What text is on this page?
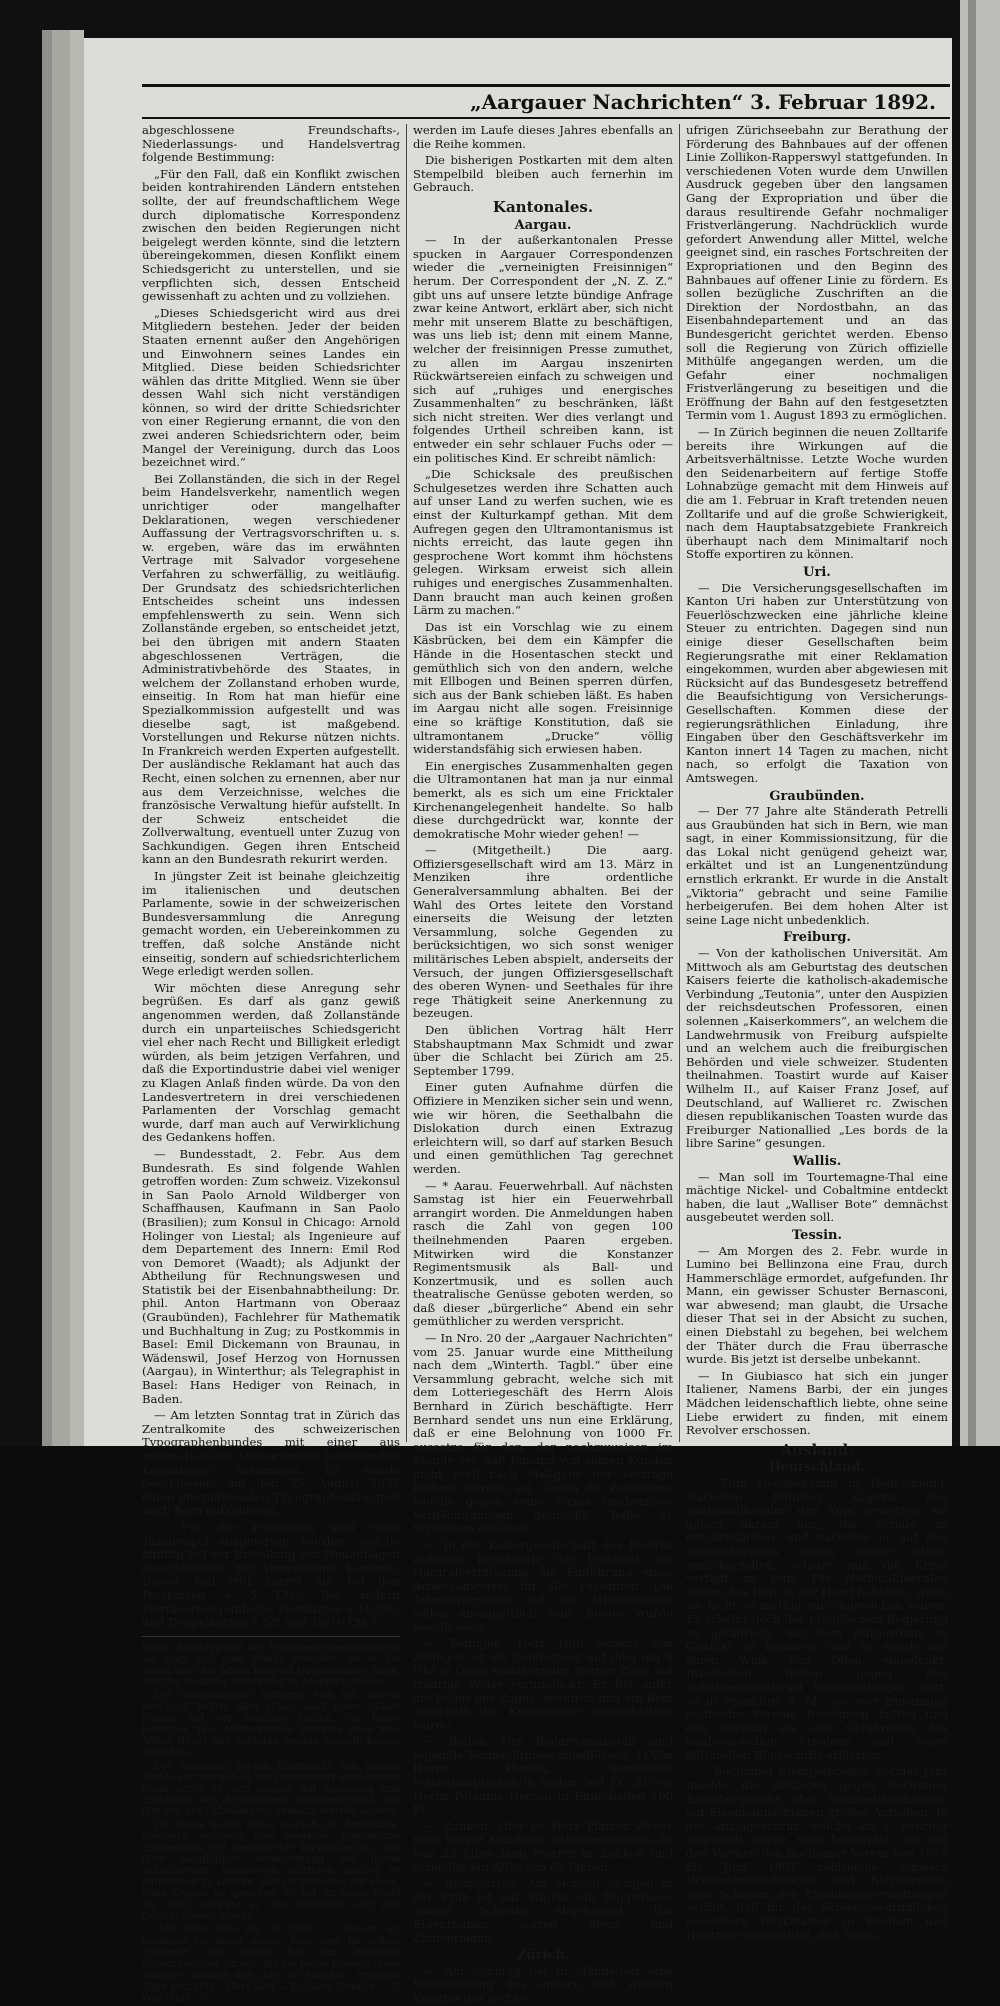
„Aargauer Nachrichten“ 3. Februar 1892.

abgeschlossene Freundschafts-, Niederlassungs- und Handelsvertrag folgende Bestimmung:

„Für den Fall, daß ein Konflikt zwischen beiden kontrahirenden Ländern entstehen sollte, der auf freundschaftlichem Wege durch diplomatische Korrespondenz zwischen den beiden Regierungen nicht beigelegt werden könnte, sind die letztern übereingekommen, diesen Konflikt einem Schiedsgericht zu unterstellen, und sie verpflichten sich, dessen Entscheid gewissenhaft zu achten und zu vollziehen.

„Dieses Schiedsgericht wird aus drei Mitgliedern bestehen. Jeder der beiden Staaten ernennt außer den Angehörigen und Einwohnern seines Landes ein Mitglied. Diese beiden Schiedsrichter wählen das dritte Mitglied. Wenn sie über dessen Wahl sich nicht verständigen können, so wird der dritte Schiedsrichter von einer Regierung ernannt, die von den zwei anderen Schiedsrichtern oder, beim Mangel der Vereinigung, durch das Loos bezeichnet wird.“

Bei Zollanständen, die sich in der Regel beim Handelsverkehr, namentlich wegen unrichtiger oder mangelhafter Deklarationen, wegen verschiedener Auffassung der Vertragsvorschriften u. s. w. ergeben, wäre das im erwähnten Vertrage mit Salvador vorgesehene Verfahren zu schwerfällig, zu weitläufig. Der Grundsatz des schiedsrichterlichen Entscheides scheint uns indessen empfehlenswerth zu sein. Wenn sich Zollanstände ergeben, so entscheidet jetzt, bei den übrigen mit andern Staaten abgeschlossenen Verträgen, die Administrativbehörde des Staates, in welchem der Zollanstand erhoben wurde, einseitig. In Rom hat man hiefür eine Spezialkommission aufgestellt und was dieselbe sagt, ist maßgebend. Vorstellungen und Rekurse nützen nichts. In Frankreich werden Experten aufgestellt. Der ausländische Reklamant hat auch das Recht, einen solchen zu ernennen, aber nur aus dem Verzeichnisse, welches die französische Verwaltung hiefür aufstellt. In der Schweiz entscheidet die Zollverwaltung, eventuell unter Zuzug von Sachkundigen. Gegen ihren Entscheid kann an den Bundesrath rekurirt werden.

In jüngster Zeit ist beinahe gleichzeitig im italienischen und deutschen Parlamente, sowie in der schweizerischen Bundesversammlung die Anregung gemacht worden, ein Uebereinkommen zu treffen, daß solche Anstände nicht einseitig, sondern auf schiedsrichterlichem Wege erledigt werden sollen.

Wir möchten diese Anregung sehr begrüßen. Es darf als ganz gewiß angenommen werden, daß Zollanstände durch ein unparteiisches Schiedsgericht viel eher nach Recht und Billigkeit erledigt würden, als beim jetzigen Verfahren, und daß die Exportindustrie dabei viel weniger zu Klagen Anlaß finden würde. Da von den Landesvertretern in drei verschiedenen Parlamenten der Vorschlag gemacht wurde, darf man auch auf Verwirklichung des Gedankens hoffen.

— Bundesstadt, 2. Febr. Aus dem Bundesrath. Es sind folgende Wahlen getroffen worden: Zum schweiz. Vizekonsul in San Paolo Arnold Wildberger von Schaffhausen, Kaufmann in San Paolo (Brasilien); zum Konsul in Chicago: Arnold Holinger von Liestal; als Ingenieure auf dem Departement des Innern: Emil Rod von Demoret (Waadt); als Adjunkt der Abtheilung für Rechnungswesen und Statistik bei der Eisenbahnabtheilung: Dr. phil. Anton Hartmann von Oberaaz (Graubünden), Fachlehrer für Mathematik und Buchhaltung in Zug; zu Postkommis in Basel: Emil Dickemann von Braunau, in Wädenswil, Josef Herzog von Hornussen (Aargau), in Winterthur; als Telegraphist in Basel: Hans Hediger von Reinach, in Baden.

— Am letzten Sonntag trat in Zürich das Zentralkomite des schweizerischen Typographenbundes mit einer aus internationalen Abgeordneten bestehenden Kommission zusammen. Es wurde beschlossen, auf den 25. August 1892 einen internationalen Typographenkongreß nach Bern aufzubieten.

— Für die Postkarten sind neue Taxstempel ausgefertigt worden, welche künftig bei der Erstellung von Neuauflagen ausschließlich zur Verwendung kommen. Dieser Fall tritt zuerst ein bei den Postkarten à 5 Cts.; die andern Werthsorten (einfache Postkarten à 10 Cts. und Doppelkarten à 5/5 und 10/10 Cts.)

lange. Ramberg ließ der Einladbegehrenden lagen, sie möge sich eine Stunde gedulden, bis er die Akten über die Affäre Leopold Hügel erledigt habe, was ihn vorläufig vollständig in Anspruch nähme.

Der Gerichtsdiener entfernte sich mit diesem Bescheid, kehrte aber schon nach einer halben Minute mit der Meldung zurück, die Dame behaupte, ihre Mittheilungen beträfen eben jene Affäre Hügel und duldeten gerade deshalb keinen Aufschub.

Der Amtmann sprang überrascht von seinem Stuhle auf und befahl, die Dame sofort einzulassen. Dann setzte er sich wieder, mit Spannung und Erstaunen den Eröffnungen entgegensehend, die ihm von der Unbekannten gemacht werden sollten.

Die Dame betrat etwas zaghaft die Amtsstube. Ramberg musterte ihre elegante, jugendliche Erscheinung mit gesteigerter Verwunderung. Aus ihrer sorgfältigen Vermummung und ihrem schüchternen, unsicheren Auftreten glaubte er entnehmen zu können, daß sie wünsche, ihn allein, ohne Zeugen zu sprechen. Er bot ihr einen Stuhl an, dann schickte er den Schreiber und den Gerichtsdiener hinaus.

„Mit wem habe ich die Ehre —“ begann er, nachdem sie allein waren, fuhr aber im selben Momente mit einem Ruf der höchsten Ueberraschung zurück, als die junge Fremde ihren Schleier abnahm und ihm die bleichen, erregten Züge enthüllte. „Herr Gott — Fräulein Sendler — ?! Was führt —“

werden im Laufe dieses Jahres ebenfalls an die Reihe kommen.

Die bisherigen Postkarten mit dem alten Stempelbild bleiben auch fernerhin im Gebrauch.

Kantonales.
Aargau.

— In der außerkantonalen Presse spucken in Aargauer Correspondenzen wieder die „verneinigten Freisinnigen“ herum. Der Correspondent der „N. Z. Z.“ gibt uns auf unsere letzte bündige Anfrage zwar keine Antwort, erklärt aber, sich nicht mehr mit unserem Blatte zu beschäftigen, was uns lieb ist; denn mit einem Manne, welcher der freisinnigen Presse zumuthet, zu allen im Aargau inszenirten Rückwärtsereien einfach zu schweigen und sich auf „ruhiges und energisches Zusammenhalten“ zu beschränken, läßt sich nicht streiten. Wer dies verlangt und folgendes Urtheil schreiben kann, ist entweder ein sehr schlauer Fuchs oder — ein politisches Kind. Er schreibt nämlich:

„Die Schicksale des preußischen Schulgesetzes werden ihre Schatten auch auf unser Land zu werfen suchen, wie es einst der Kulturkampf gethan. Mit dem Aufregen gegen den Ultramontanismus ist nichts erreicht, das laute gegen ihn gesprochene Wort kommt ihm höchstens gelegen. Wirksam erweist sich allein ruhiges und energisches Zusammenhalten. Dann braucht man auch keinen großen Lärm zu machen.“

Das ist ein Vorschlag wie zu einem Käsbrücken, bei dem ein Kämpfer die Hände in die Hosentaschen steckt und gemüthlich sich von den andern, welche mit Ellbogen und Beinen sperren dürfen, sich aus der Bank schieben läßt. Es haben im Aargau nicht alle sogen. Freisinnige eine so kräftige Konstitution, daß sie ultramontanem „Drucke“ völlig widerstandsfähig sich erwiesen haben.

Ein energisches Zusammenhalten gegen die Ultramontanen hat man ja nur einmal bemerkt, als es sich um eine Fricktaler Kirchenangelegenheit handelte. So halb diese durchgedrückt war, konnte der demokratische Mohr wieder gehen! —

— (Mitgetheilt.) Die aarg. Offiziersgesellschaft wird am 13. März in Menziken ihre ordentliche Generalversammlung abhalten. Bei der Wahl des Ortes leitete den Vorstand einerseits die Weisung der letzten Versammlung, solche Gegenden zu berücksichtigen, wo sich sonst weniger militärisches Leben abspielt, anderseits der Versuch, der jungen Offiziersgesellschaft des oberen Wynen- und Seethales für ihre rege Thätigkeit seine Anerkennung zu bezeugen.

Den üblichen Vortrag hält Herr Stabshauptmann Max Schmidt und zwar über die Schlacht bei Zürich am 25. September 1799.

Einer guten Aufnahme dürfen die Offiziere in Menziken sicher sein und wenn, wie wir hören, die Seethalbahn die Dislokation durch einen Extrazug erleichtern will, so darf auf starken Besuch und einen gemüthlichen Tag gerechnet werden.

— * Aarau. Feuerwehrball. Auf nächsten Samstag ist hier ein Feuerwehrball arrangirt worden. Die Anmeldungen haben rasch die Zahl von gegen 100 theilnehmenden Paaren ergeben. Mitwirken wird die Konstanzer Regimentsmusik als Ball- und Konzertmusik, und es sollen auch theatralische Genüsse geboten werden, so daß dieser „bürgerliche“ Abend ein sehr gemüthlicher zu werden verspricht.

— In Nro. 20 der „Aargauer Nachrichten“ vom 25. Januar wurde eine Mittheilung nach dem „Winterth. Tagbl.“ über eine Versammlung gebracht, welche sich mit dem Lotteriegeschäft des Herrn Alois Bernhard in Zürich beschäftigte. Herr Bernhard sendet uns nun eine Erklärung, daß er eine Belohnung von 1000 Fr. aussetze für den, der nachzuweisen im Stande sei, daß Jemand von seinen Kunden nicht reell nach Maßgabe der Verträge bedient worden sei. Gegen die Zeitungen, welche gegen seine Firma tendenziöse Verdächtigungen gebracht, habe er Strafklage erhoben.

— In der Kulturgesellschaft des Bezirks Zofingen beantragte der Vorstand, für Naturalverpflegung die Einführung eines Arbeitsanweises für alle Passanten. Die Arbeitergesuche und der Arbeitsanweis sollen unentgeltlich sein. Beides wurde beschlossen.

— Zofingen. Herr Paul Schenk von Zofingen ist als Conducteur auf dem um 8 Uhr in Olten einfahrenden Berner Zuge auf traurige Weise verunglückt. Er fiel unter die Räder des Zuges, wodurch ihm ein Bein unterhalb der Kniescheibe abgeschnitten wurde.

— Baden. Der Badarmenanstalt sind folgende Vermächtnisse zugeflossen: 1) Von Herrn Herzog, gewesener Polizeihauptmann in Baden 500 Fr.; 2) von Herrn Pelagius Herzog in Ennetbaden 100 Fr.

— Zufikon. Hier ist Herr Pfarrer Weber nach langer Krankheit dahingeschieden. Er war 22 Jahre lang Pfarrer in Zufikon und erreichte ein Alter von 66 Jahren.

— Bremgarten. Am Montag Morgen in der Früh ist auf Stigeln ein Doppelhaus sammt Scheune abgebrannt. Die Eigenthümer waren Brem und Zimmermann.

Zürich.

— Am Sonntag hat in Männedorf eine Versammlung des engern und weitern Komites der rechts-

ufrigen Zürichseebahn zur Berathung der Förderung des Bahnbaues auf der offenen Linie Zollikon-Rapperswyl stattgefunden. In verschiedenen Voten wurde dem Unwillen Ausdruck gegeben über den langsamen Gang der Expropriation und über die daraus resultirende Gefahr nochmaliger Fristverlängerung. Nachdrücklich wurde gefordert Anwendung aller Mittel, welche geeignet sind, ein rasches Fortschreiten der Expropriationen und den Beginn des Bahnbaues auf offener Linie zu fördern. Es sollen bezügliche Zuschriften an die Direktion der Nordostbahn, an das Eisenbahndepartement und an das Bundesgericht gerichtet werden. Ebenso soll die Regierung von Zürich offizielle Mithülfe angegangen werden, um die Gefahr einer nochmaligen Fristverlängerung zu beseitigen und die Eröffnung der Bahn auf den festgesetzten Termin vom 1. August 1893 zu ermöglichen.

— In Zürich beginnen die neuen Zolltarife bereits ihre Wirkungen auf die Arbeitsverhältnisse. Letzte Woche wurden den Seidenarbeitern auf fertige Stoffe Lohnabzüge gemacht mit dem Hinweis auf die am 1. Februar in Kraft tretenden neuen Zolltarife und auf die große Schwierigkeit, nach dem Hauptabsatzgebiete Frankreich überhaupt nach dem Minimaltarif noch Stoffe exportiren zu können.

Uri.

— Die Versicherungsgesellschaften im Kanton Uri haben zur Unterstützung von Feuerlöschzwecken eine jährliche kleine Steuer zu entrichten. Dagegen sind nun einige dieser Gesellschaften beim Regierungsrathe mit einer Reklamation eingekommen, wurden aber abgewiesen mit Rücksicht auf das Bundesgesetz betreffend die Beaufsichtigung von Versicherungs-Gesellschaften. Kommen diese der regierungsräthlichen Einladung, ihre Eingaben über den Geschäftsverkehr im Kanton innert 14 Tagen zu machen, nicht nach, so erfolgt die Taxation von Amtswegen.

Graubünden.

— Der 77 Jahre alte Ständerath Petrelli aus Graubünden hat sich in Bern, wie man sagt, in einer Kommissionsitzung, für die das Lokal nicht genügend geheizt war, erkältet und ist an Lungenentzündung ernstlich erkrankt. Er wurde in die Anstalt „Viktoria“ gebracht und seine Familie herbeigerufen. Bei dem hohen Alter ist seine Lage nicht unbedenklich.

Freiburg.

— Von der katholischen Universität. Am Mittwoch als am Geburtstag des deutschen Kaisers feierte die katholisch-akademische Verbindung „Teutonia“, unter den Auspizien der reichsdeutschen Professoren, einen solennen „Kaiserkommers“, an welchem die Landwehrmusik von Freiburg aufspielte und an welchem auch die freiburgischen Behörden und viele schweizer. Studenten theilnahmen. Toastirt wurde auf Kaiser Wilhelm II., auf Kaiser Franz Josef, auf Deutschland, auf Wallieret rc. Zwischen diesen republikanischen Toasten wurde das Freiburger Nationallied „Les bords de la libre Sarine“ gesungen.

Wallis.

— Man soll im Tourtemagne-Thal eine mächtige Nickel- und Cobaltmine entdeckt haben, die laut „Walliser Bote“ demnächst ausgebeutet werden soll.

Tessin.

— Am Morgen des 2. Febr. wurde in Lumino bei Bellinzona eine Frau, durch Hammerschläge ermordet, aufgefunden. Ihr Mann, ein gewisser Schuster Bernasconi, war abwesend; man glaubt, die Ursache dieser That sei in der Absicht zu suchen, einen Diebstahl zu begehen, bei welchem der Thäter durch die Frau überrasche wurde. Bis jetzt ist derselbe unbekannt.

— In Giubiasco hat sich ein junger Italiener, Namens Barbi, der ein junges Mädchen leidenschaftlich liebte, ohne seine Liebe erwidert zu finden, mit einem Revolver erschossen.

Ausland.
Deutschland.

— Zum Geisteskampf in Deutschland. Nachdem Minister Caprivi den Nationalliberalen den Kopf geworfen, sie gehen darauf aus, die Schule zu entchristlichen, und nachdem er auf den daraufolgenden Sturm wieder etwas zurückgefallen, scheint nun die Krisis vertagt zu sein. Die Nationalliberalen hätten das Heft in der Hand behalten, wenn sie nicht so muthig zurückgewichen wären. Es scheint doch der preußischen Regierung zu gefährlich, mit dem Bürgerthum in Conflikt zu kommen, und so würde auf einen Wink von Oben eingelenkt. Inzwischen finden gegen den Schulgesetzentwurf Versammlungen statt, so in Frankfurt a. M., wo vier freisinnige politische Vereine Resolution faßten und den Entwurf als eine Gefährdung des konfessionellen Friedens und einen kulturellen Rückschritt erklärten.

— Bochumer Stempelprozeß. Voriges Jahr machte die Anklagen gegen Bochumer Eisenbergwerke über Stempelfälschungen auf Eisenbahnschienen großes Aufsehen. In der Anklageschrift, welche am 1. Februar zugestellt wurde, wird behauptet, daß auf den Werken des Bochumer Verein von 1876 bis Juni 1891 zahlreiche schwere Urkundenfälschungen und Betrügereien zum Schaden der Eisenbahnverwaltungen verübt, daß für das Schienenwarmflicken besondere Werkstätten in Bochum und Hüntrop eingerichtet, daß Stum-
